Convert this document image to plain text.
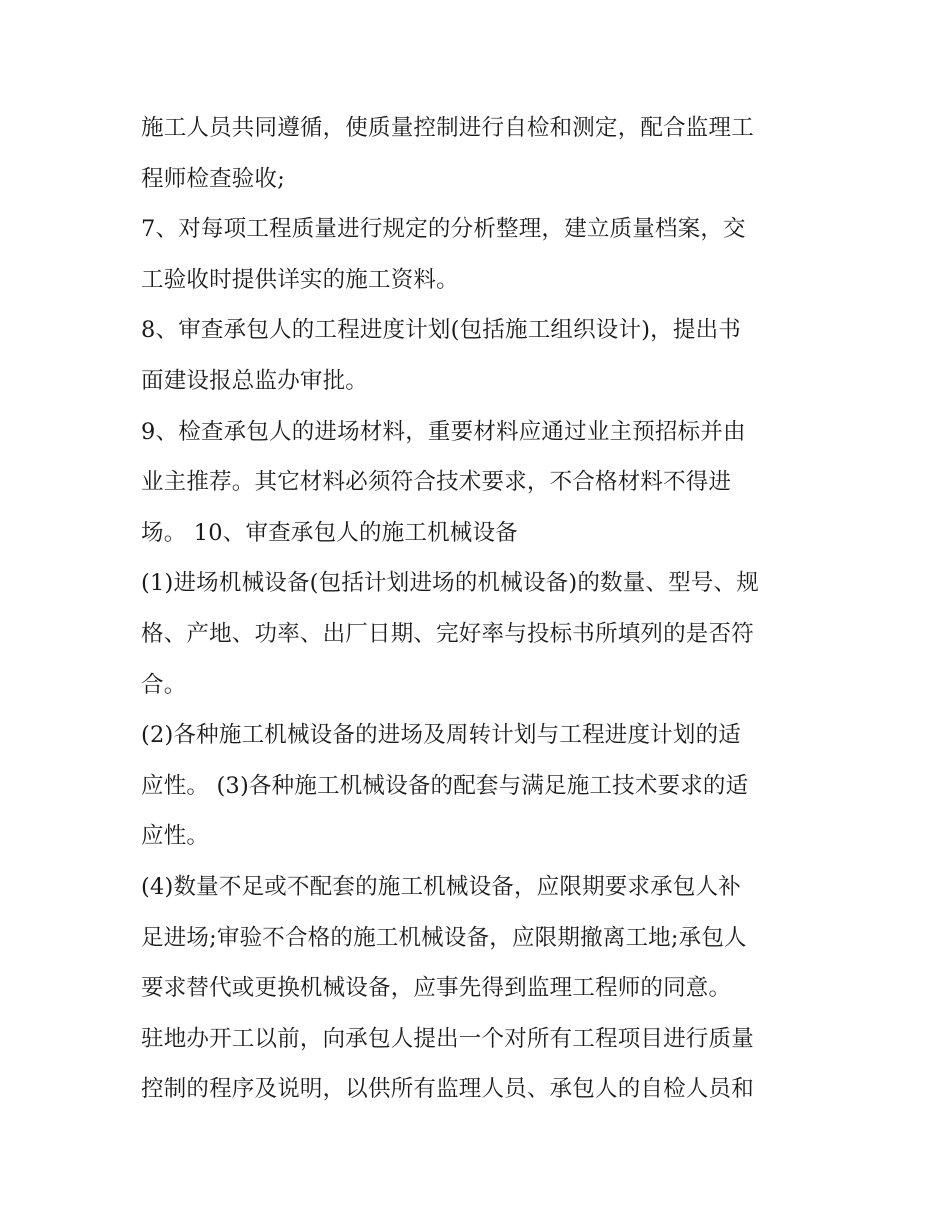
施工人员共同遵循，使质量控制进行自检和测定，配合监理工
程师检查验收;
7、对每项工程质量进行规定的分析整理，建立质量档案，交
工验收时提供详实的施工资料。
8、审查承包人的工程进度计划(包括施工组织设计)，提出书
面建设报总监办审批。
9、检查承包人的进场材料，重要材料应通过业主预招标并由
业主推荐。其它材料必须符合技术要求，不合格材料不得进
场。 10、审查承包人的施工机械设备
(1)进场机械设备(包括计划进场的机械设备)的数量、型号、规
格、产地、功率、出厂日期、完好率与投标书所填列的是否符
合。
(2)各种施工机械设备的进场及周转计划与工程进度计划的适
应性。 (3)各种施工机械设备的配套与满足施工技术要求的适
应性。
(4)数量不足或不配套的施工机械设备，应限期要求承包人补
足进场;审验不合格的施工机械设备，应限期撤离工地;承包人
要求替代或更换机械设备，应事先得到监理工程师的同意。
驻地办开工以前，向承包人提出一个对所有工程项目进行质量
控制的程序及说明，以供所有监理人员、承包人的自检人员和
